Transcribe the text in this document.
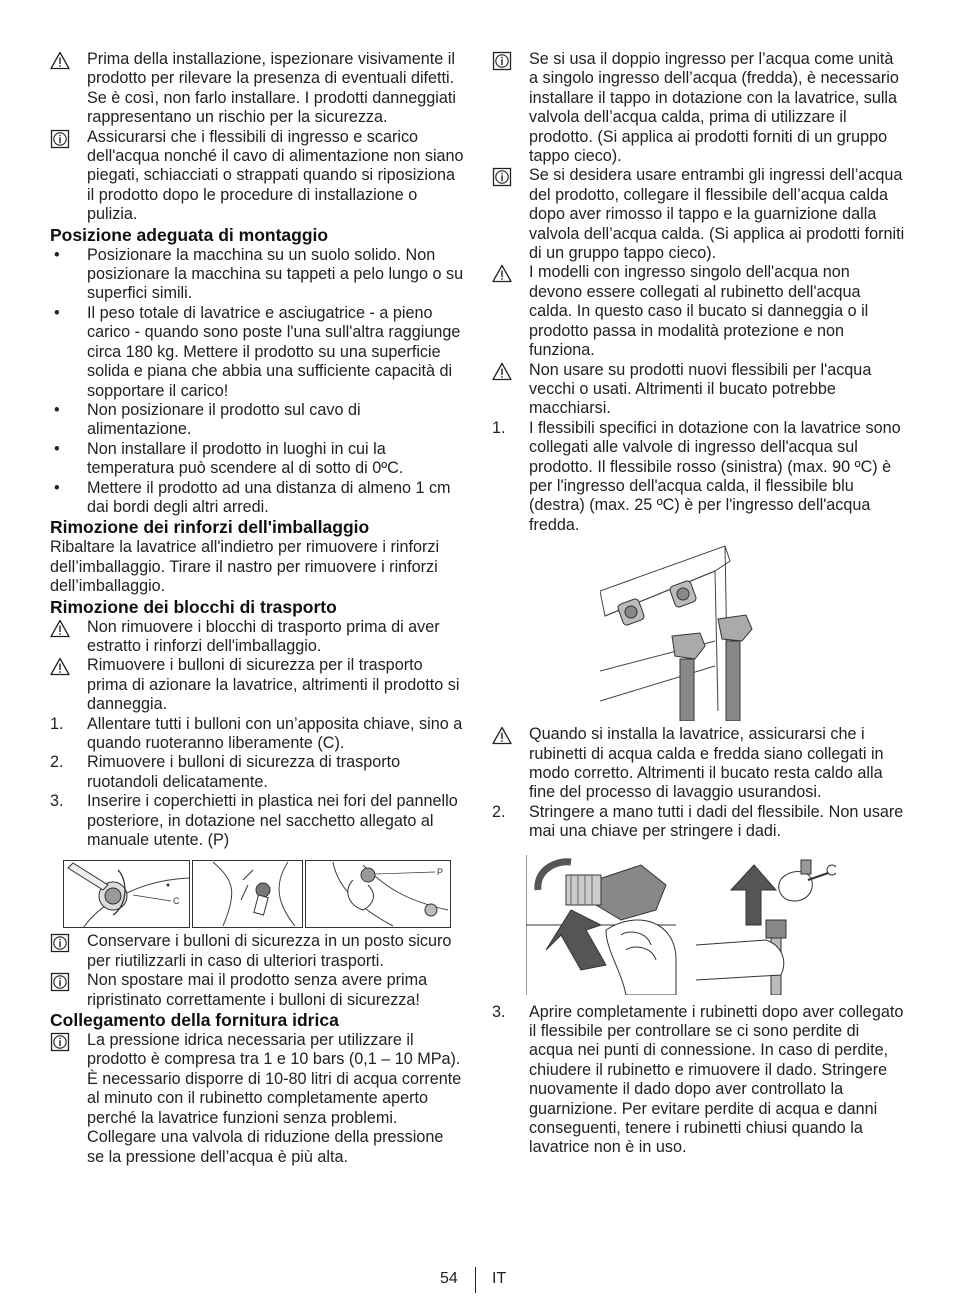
Prima della installazione, ispezionare visivamente il prodotto per rilevare la presenza di eventuali difetti. Se è così, non farlo installare. I prodotti danneggiati rappresentano un rischio per la sicurezza.
Assicurarsi che i flessibili di ingresso e scarico dell'acqua nonché il cavo di alimentazione non siano piegati, schiacciati o strappati quando si riposiziona il prodotto dopo le procedure di installazione o pulizia.
Posizione adeguata di montaggio
•	Posizionare la macchina su un suolo solido. Non posizionare la macchina su tappeti a pelo lungo o su superfici simili.
•	Il peso totale di lavatrice e asciugatrice - a pieno carico - quando sono poste l'una sull'altra raggiunge circa 180 kg. Mettere il prodotto su una superficie solida e piana che abbia una sufficiente capacità di sopportare il carico!
•	Non posizionare il prodotto sul cavo di alimentazione.
•	Non installare il prodotto in luoghi in cui la temperatura può scendere al di sotto di 0ºC.
•	Mettere il prodotto ad una distanza di almeno 1 cm dai bordi degli altri arredi.
Rimozione dei rinforzi dell'imballaggio

Ribaltare la lavatrice all'indietro per rimuovere i rinforzi dell’imballaggio. Tirare il nastro per rimuovere i rinforzi dell’imballaggio.

Rimozione dei blocchi di trasporto
Non rimuovere i blocchi di trasporto prima di aver estratto i rinforzi dell'imballaggio.
Rimuovere i bulloni di sicurezza per il trasporto prima di azionare la lavatrice, altrimenti il prodotto si danneggia.
1.	Allentare tutti i bulloni con un’apposita chiave, sino a quando ruoteranno liberamente (C).
2.	Rimuovere i bulloni di sicurezza di trasporto ruotandoli delicatamente.
3.	Inserire i coperchietti in plastica nei fori del pannello posteriore, in dotazione nel sacchetto allegato al manuale utente. (P)
C
P
Conservare i bulloni di sicurezza in un posto sicuro per riutilizzarli in caso di ulteriori trasporti.
Non spostare mai il prodotto senza avere prima ripristinato correttamente i bulloni di sicurezza!
Collegamento della fornitura idrica
La pressione idrica necessaria per utilizzare il prodotto è compresa tra 1 e 10 bars (0,1 – 10 MPa). È necessario disporre di 10-80 litri di acqua corrente al minuto con il rubinetto completamente aperto perché la lavatrice funzioni senza problemi. Collegare una valvola di riduzione della pressione se la pressione dell’acqua è più alta.
Se si usa il doppio ingresso per l’acqua come unità a singolo ingresso dell’acqua (fredda), è necessario installare il tappo in dotazione con la lavatrice, sulla valvola dell’acqua calda, prima di utilizzare il prodotto. (Si applica ai prodotti forniti di un gruppo tappo cieco).
Se si desidera usare entrambi gli ingressi dell’acqua del prodotto, collegare il flessibile dell’acqua calda dopo aver rimosso il tappo e la guarnizione dalla valvola dell’acqua calda. (Si applica ai prodotti forniti di un gruppo tappo cieco).
I modelli con ingresso singolo dell'acqua non devono essere collegati al rubinetto dell'acqua calda. In questo caso il bucato si danneggia o il prodotto passa in modalità protezione e non funziona.
Non usare su prodotti nuovi flessibili per l'acqua vecchi o usati. Altrimenti il bucato potrebbe macchiarsi.
1.	I flessibili specifici in dotazione con la lavatrice sono collegati alle valvole di ingresso dell'acqua sul prodotto. Il flessibile rosso (sinistra) (max. 90 ºC) è per l'ingresso dell'acqua calda, il flessibile blu (destra) (max. 25 ºC) è per l'ingresso dell'acqua fredda.
Quando si installa la lavatrice, assicurarsi che i rubinetti di acqua calda e fredda siano collegati in modo corretto. Altrimenti il bucato resta caldo alla fine del processo di lavaggio usurandosi.
2.	Stringere a mano tutti i dadi del flessibile. Non usare mai una chiave per stringere i dadi.
3.	Aprire completamente i rubinetti dopo aver collegato il flessibile per controllare se ci sono perdite di acqua nei punti di connessione. In caso di perdite, chiudere il rubinetto e rimuovere il dado. Stringere nuovamente il dado dopo aver controllato la guarnizione. Per evitare perdite di acqua e danni conseguenti, tenere i rubinetti chiusi quando la lavatrice non è in uso.
54 IT
